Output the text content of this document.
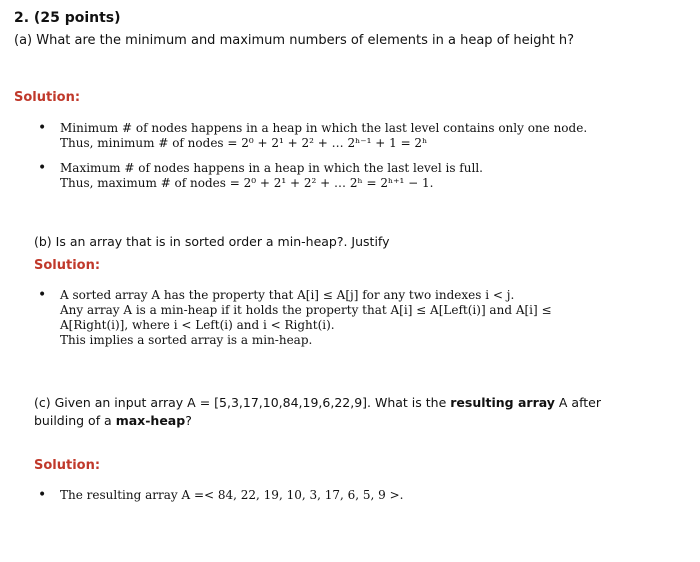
2. (25 points)
(a) What are the minimum and maximum numbers of elements in a heap of height h?
Solution:
•	Minimum # of nodes happens in a heap in which the last level contains only one node.
Thus, minimum # of nodes = 2⁰ + 2¹ + 2² + … 2ʰ⁻¹ + 1 = 2ʰ
•	Maximum # of nodes happens in a heap in which the last level is full.
Thus, maximum # of nodes = 2⁰ + 2¹ + 2² + … 2ʰ = 2ʰ⁺¹ − 1.
(b) Is an array that is in sorted order a min-heap?. Justify
Solution:
•	A sorted array A has the property that A[i] ≤ A[j] for any two indexes i < j.
Any array A is a min-heap if it holds the property that A[i] ≤ A[Left(i)] and A[i] ≤
A[Right(i)], where i < Left(i) and i < Right(i).
This implies a sorted array is a min-heap.
(c) Given an input array A = [5,3,17,10,84,19,6,22,9]. What is the resulting array A after
building of a max-heap?
Solution:
•	The resulting array A =< 84, 22, 19, 10, 3, 17, 6, 5, 9 >.
